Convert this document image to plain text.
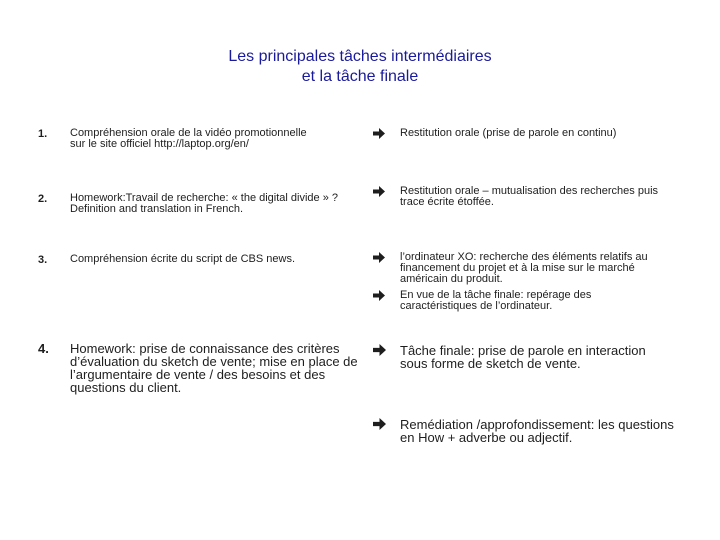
Les principales tâches intermédiaires
et la tâche finale
1. Compréhension orale de la vidéo promotionnelle sur le site officiel http://laptop.org/en/
Restitution orale (prise de parole en continu)
2. Homework:Travail de recherche: « the digital divide » ? Definition and translation in French.
Restitution orale – mutualisation des recherches puis trace écrite étoffée.
3. Compréhension écrite du script de CBS news.	l’ordinateur XO: recherche des éléments relatifs au financement du projet et à la mise sur le marché américain du produit.
En vue de la tâche finale: repérage des caractéristiques de l’ordinateur.
4. Homework: prise de connaissance des critères d’évaluation du sketch de vente; mise en place de l’argumentaire de vente / des besoins et des questions du client.
Tâche finale: prise de parole en interaction sous forme de sketch de vente.
Remédiation /approfondissement: les questions en How + adverbe ou adjectif.
